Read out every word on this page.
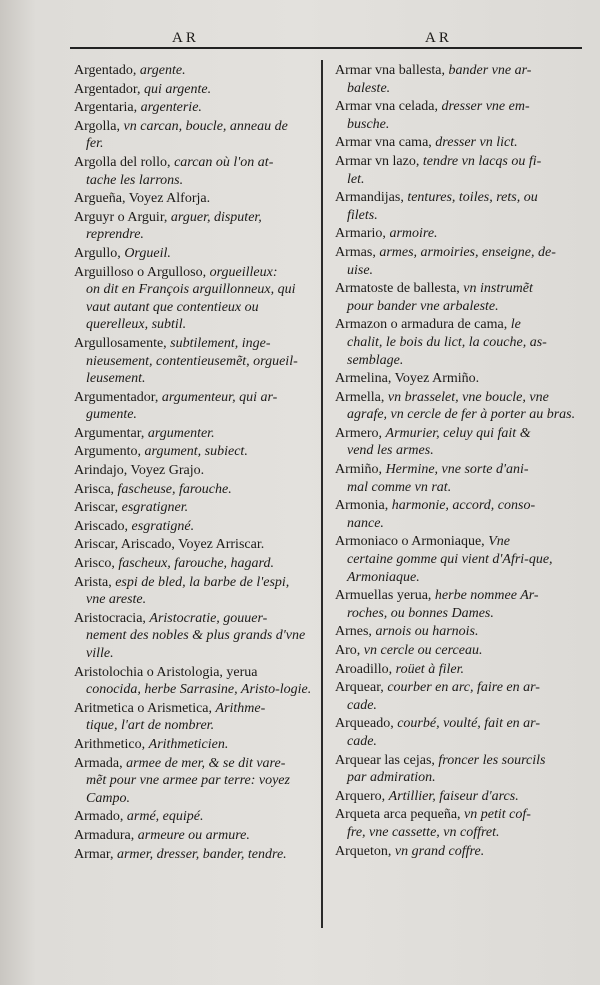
AR	AR
Argentado, argente.
Argentador, qui argente.
Argentaria, argenterie.
Argolla, vn carcan, boucle, anneau de
fer.
Argolla del rollo, carcan où l'on at-
tache les larrons.
Argueña, Voyez Alforja.
Arguyr o Arguir, arguer, disputer,
reprendre.
Argullo, Orgueil.
Arguilloso o Argulloso, orgueilleux:
on dit en François arguillonneux, qui vaut autant que contentieux ou querelleux, subtil.
Argullosamente, subtilement, inge-
nieusement, contentieusemẽt, orgueil-leusement.
Argumentador, argumenteur, qui ar-
gumente.
Argumentar, argumenter.
Argumento, argument, subiect.
Arindajo, Voyez Grajo.
Arisca, fascheuse, farouche.
Ariscar, esgratigner.
Ariscado, esgratigné.
Ariscar, Ariscado, Voyez Arriscar.
Arisco, fascheux, farouche, hagard.
Arista, espi de bled, la barbe de l'espi,
vne areste.
Aristocracia, Aristocratie, gouuer-
nement des nobles & plus grands d'vne ville.
Aristolochia o Aristologia, yerua
conocida, herbe Sarrasine, Aristo-logie.
Aritmetica o Arismetica, Arithme-
tique, l'art de nombrer.
Arithmetico, Arithmeticien.
Armada, armee de mer, & se dit vare-
mẽt pour vne armee par terre: voyez Campo.
Armado, armé, equipé.
Armadura, armeure ou armure.
Armar, armer, dresser, bander, tendre.
Armar vna ballesta, bander vne ar-
baleste.
Armar vna celada, dresser vne em-
busche.
Armar vna cama, dresser vn lict.
Armar vn lazo, tendre vn lacqs ou fi-
let.
Armandijas, tentures, toiles, rets, ou
filets.
Armario, armoire.
Armas, armes, armoiries, enseigne, de-
uise.
Armatoste de ballesta, vn instrumẽt
pour bander vne arbaleste.
Armazon o armadura de cama, le
chalit, le bois du lict, la couche, as-semblage.
Armelina, Voyez Armiño.
Armella, vn brasselet, vne boucle, vne
agrafe, vn cercle de fer à porter au bras.
Armero, Armurier, celuy qui fait &
vend les armes.
Armiño, Hermine, vne sorte d'ani-
mal comme vn rat.
Armonia, harmonie, accord, conso-
nance.
Armoniaco o Armoniaque, Vne
certaine gomme qui vient d'Afri-que, Armoniaque.
Armuellas yerua, herbe nommee Ar-
roches, ou bonnes Dames.
Arnes, arnois ou harnois.
Aro, vn cercle ou cerceau.
Aroadillo, roüet à filer.
Arquear, courber en arc, faire en ar-
cade.
Arqueado, courbé, voulté, fait en ar-
cade.
Arquear las cejas, froncer les sourcils
par admiration.
Arquero, Artillier, faiseur d'arcs.
Arqueta arca pequeña, vn petit cof-
fre, vne cassette, vn coffret.
Arqueton, vn grand coffre.
